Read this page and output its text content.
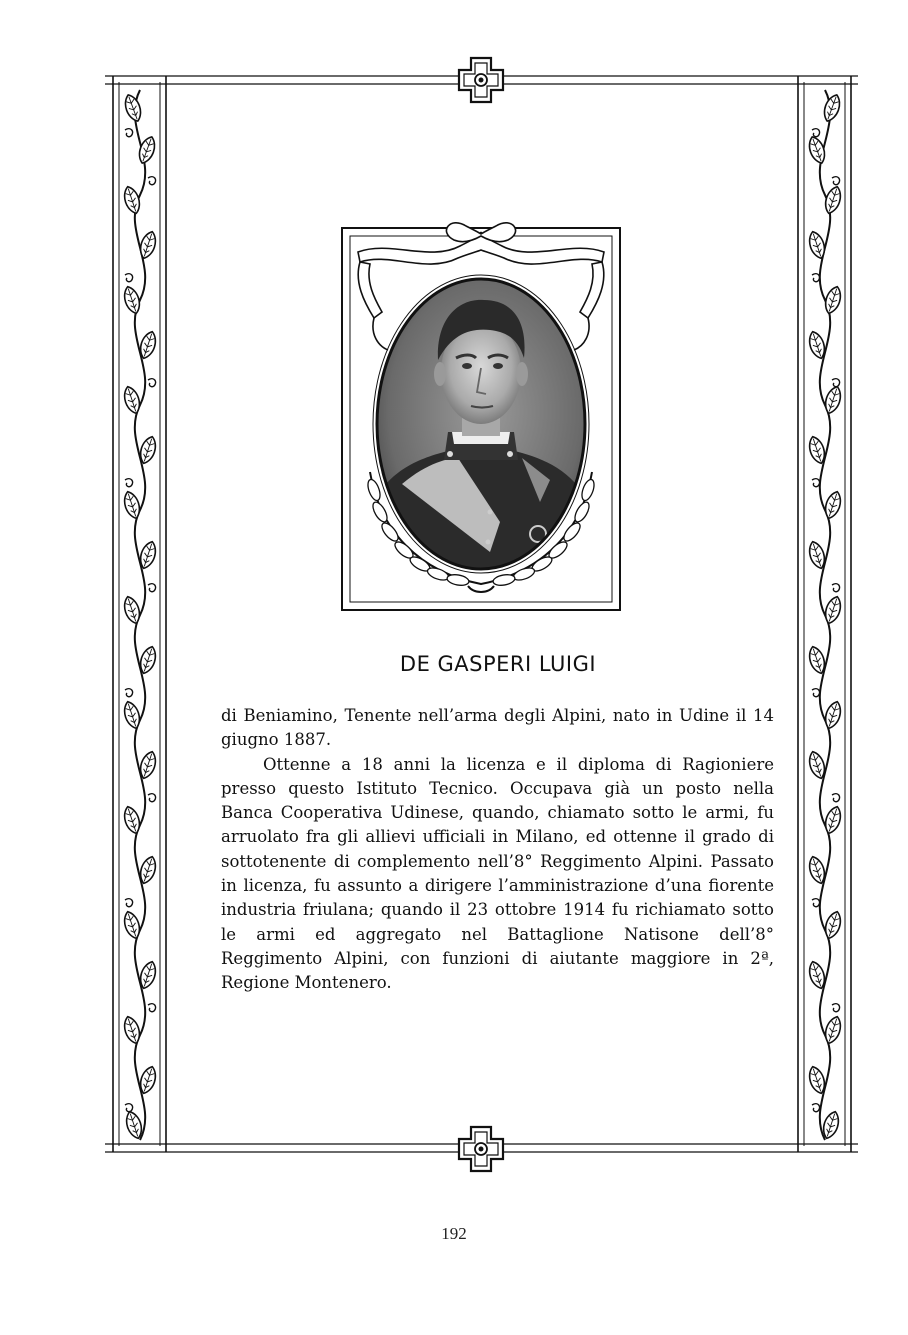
DE GASPERI LUIGI

di Beniamino, Tenente nell’arma degli Alpini, nato in Udine il 14 giugno 1887.

Ottenne a 18 anni la licenza e il diploma di Ragioniere presso questo Istituto Tecnico. Occupava già un posto nella Banca Cooperativa Udinese, quando, chiamato sotto le armi, fu arruolato fra gli allievi ufficiali in Milano, ed ottenne il grado di sottotenente di complemento nell’8° Reggimento Alpini. Passato in licenza, fu assunto a dirigere l’amministrazione d’una fiorente industria friulana; quando il 23 ottobre 1914 fu richiamato sotto le armi ed aggregato nel Battaglione Natisone dell’8° Reggimento Alpini, con funzioni di aiutante maggiore in 2ª, Regione Montenero.

192
